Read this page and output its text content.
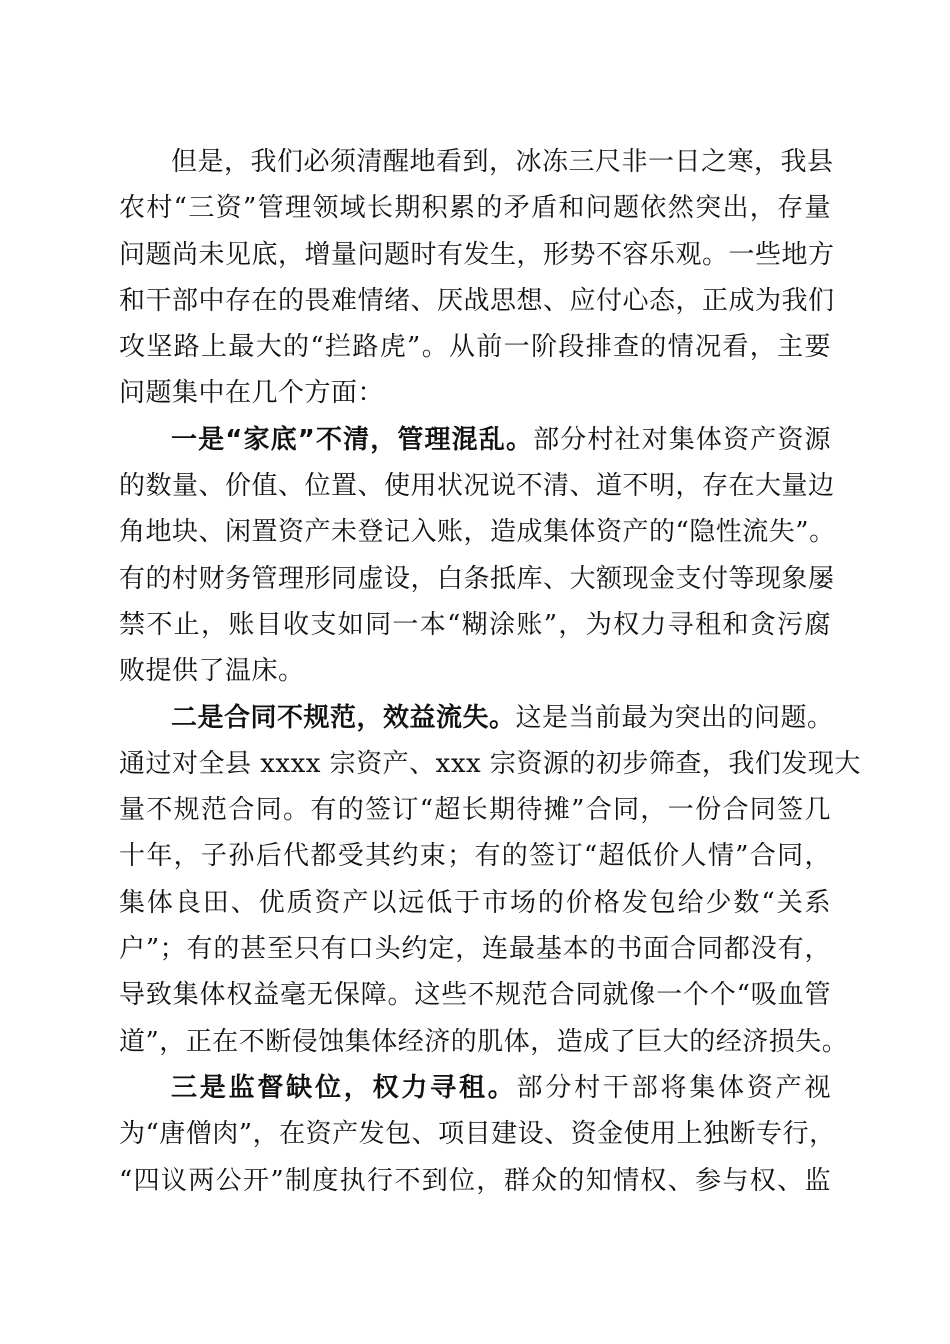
但是，我们必须清醒地看到，冰冻三尺非一日之寒，我县
农村“三资”管理领域长期积累的矛盾和问题依然突出，存量
问题尚未见底，增量问题时有发生，形势不容乐观。一些地方
和干部中存在的畏难情绪、厌战思想、应付心态，正成为我们
攻坚路上最大的“拦路虎”。从前一阶段排查的情况看，主要
问题集中在几个方面：
一是“家底”不清，管理混乱。部分村社对集体资产资源
的数量、价值、位置、使用状况说不清、道不明，存在大量边
角地块、闲置资产未登记入账，造成集体资产的“隐性流失”。
有的村财务管理形同虚设，白条抵库、大额现金支付等现象屡
禁不止，账目收支如同一本“糊涂账”，为权力寻租和贪污腐
败提供了温床。
二是合同不规范，效益流失。这是当前最为突出的问题。
通过对全县 xxxx 宗资产、xxx 宗资源的初步筛查，我们发现大
量不规范合同。有的签订“超长期待摊”合同，一份合同签几
十年，子孙后代都受其约束；有的签订“超低价人情”合同，
集体良田、优质资产以远低于市场的价格发包给少数“关系
户”；有的甚至只有口头约定，连最基本的书面合同都没有，
导致集体权益毫无保障。这些不规范合同就像一个个“吸血管
道”，正在不断侵蚀集体经济的肌体，造成了巨大的经济损失。
三是监督缺位，权力寻租。部分村干部将集体资产视
为“唐僧肉”，在资产发包、项目建设、资金使用上独断专行，
“四议两公开”制度执行不到位，群众的知情权、参与权、监
